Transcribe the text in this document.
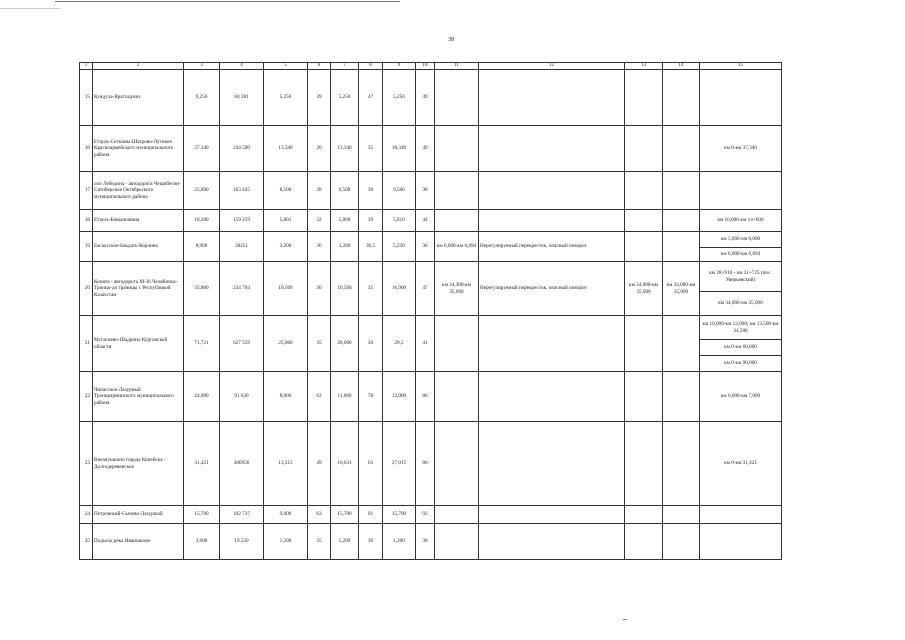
38
1	2	3	4	5	6	7	8	9	10	11	12	13	14	15
15	Кундуха-Яратхадзин	9,256	60 381	5,256	39	5,256	47	5,256	49					
16	Етауль-Сеткины-Шатрово-Лутовое Красноармейского муниципального района	37,340	244 590	13,340	20	13,340	35	18,340	49					км 0-км 37,340
17	лоо Лебедина - автодорога Чещибегин-Сятиберское Октябрьского муниципального района	25,890	163 425	8,500	28	9,500	38	9,500	38					
18	Етауль-Беккиновина	18,200	159 259	5,801	32	5,800	39	5,810	44					км 10,006-км 14+600
19	Баскосское-Бакдать-Корлино	8,900	38251	3,200	36	3,200	36,5	5,230	36	км 6,000-км 6,894	Нерегулируемый перекресток, опасный поворот			км 5,000-км 6,000
														км 6,000-км 6,894
20	Конята - автодорога М-36 Челябинск-Троицк-до границы с Республикой Казахстан	35,860	234 704	10,500	30	10,500	35	16,900	47	км 34,300-км 35,000	Нерегулируемый перекресток, опасный поворот	км 34,000-км 35,000	км 34,000-км 35,000	км 28+910 - км 31+725 (пос. Уверьевский)
														км 34,000-км 35,000
21	Мугасиево-Шадрино Курганской области	71,721	627 559	25,000	35	28,000	30	29,5	41					км 10,000-км 12,000; км 13,500-км 34,500
														км 0-км 68,000
														км 0-км 90,000
22	Чинасское-Лазурный Троицкарминского муниципального района	24,000	91 630	8,000	63	11,000	78	12,000	86					км 6,000-км 7,000
23	Внезнушкино города Копейска - Долгодеревенское	31,421	306956	13,315	49	16,631	63	27,015	86					км 0-км 31,421
24	Петровский-Сычево-Лазурный	15,700	102 737	9,000	63	15,700	91	15,700	92					
25	Подъезд река Ивановское	3,600	19 550	1,200	35	1,200	36	1,200	38					
